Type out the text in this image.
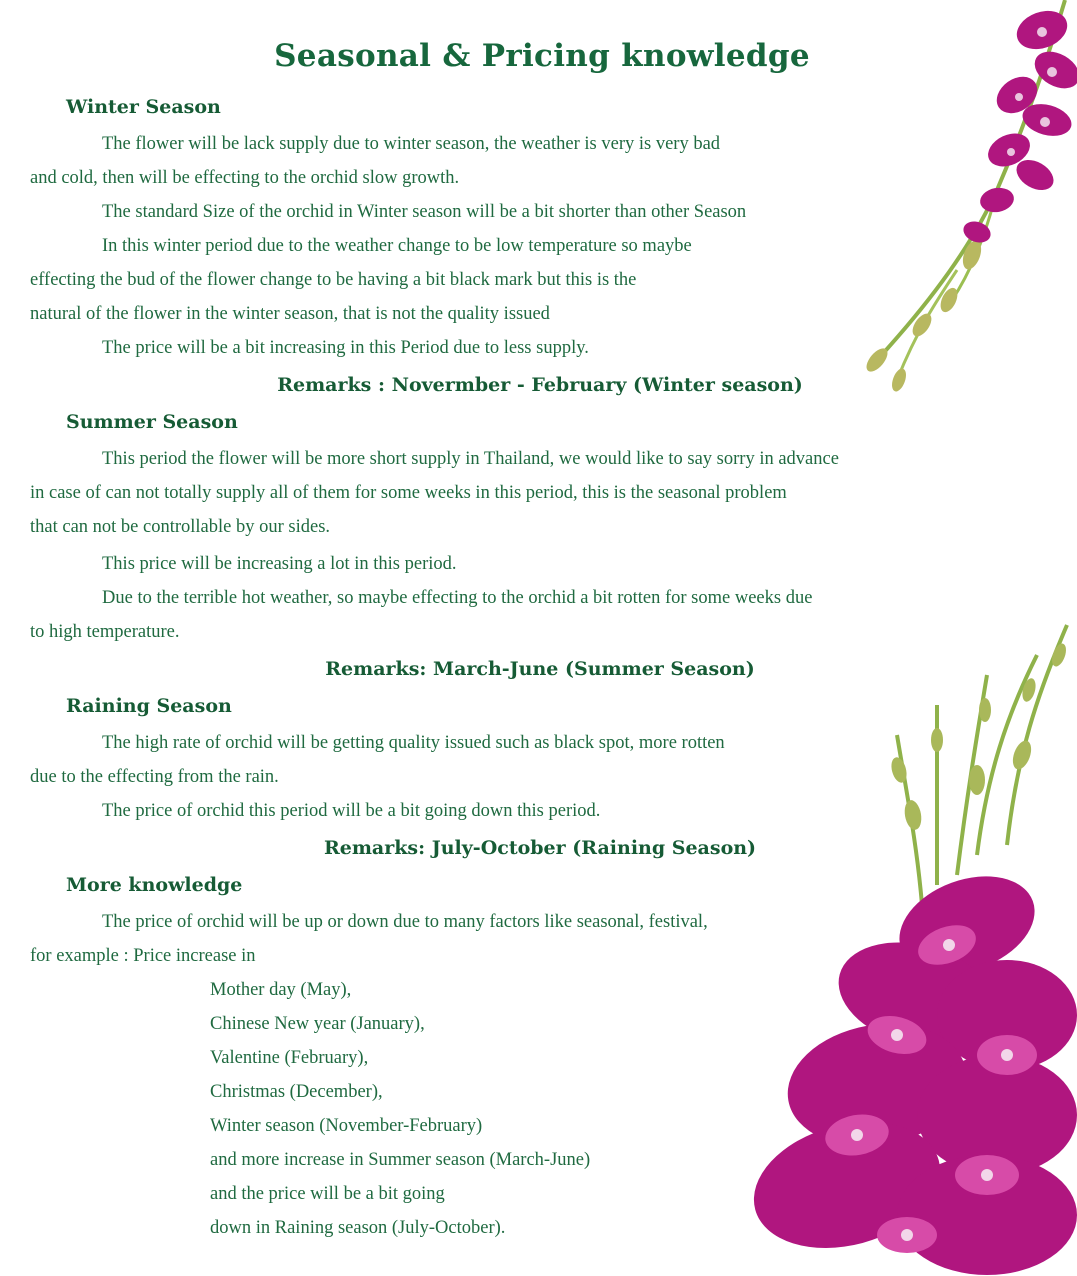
Seasonal & Pricing knowledge
Winter Season

The flower will be lack supply due to winter season, the weather is very is very bad

and cold, then will be effecting to the orchid slow growth.

The standard Size of the orchid in Winter season will be a bit shorter than other Season

In this winter period due to the weather change to be low temperature so maybe

effecting the bud of the flower change to be having a bit black mark but this is the

natural of the flower in the winter season, that is not the quality issued

The price will be a bit increasing in this Period due to less supply.

Remarks : Novermber - February (Winter season)

Summer Season

This period the flower will be more short supply in Thailand, we would like to say sorry in advance

in case of can not totally supply all of them for some weeks in this period, this is the seasonal problem

that can not be controllable by our sides.

This price will be increasing a lot in this period.

Due to the terrible hot weather, so maybe effecting to the orchid a bit rotten for some weeks due

to high temperature.

Remarks: March-June (Summer Season)

Raining Season

The high rate of orchid will be getting quality issued such as black spot, more rotten

due to the effecting from the rain.

The price of orchid this period will be a bit going down this period.

Remarks: July-October (Raining Season)

More knowledge

The price of orchid will be up or down due to many factors like seasonal, festival,

for example : Price increase in

Mother day (May),

Chinese New year (January),

Valentine (February),

Christmas (December),

Winter season (November-February)

and more increase in Summer season (March-June)

and the price will be a bit going

down in Raining season (July-October).
